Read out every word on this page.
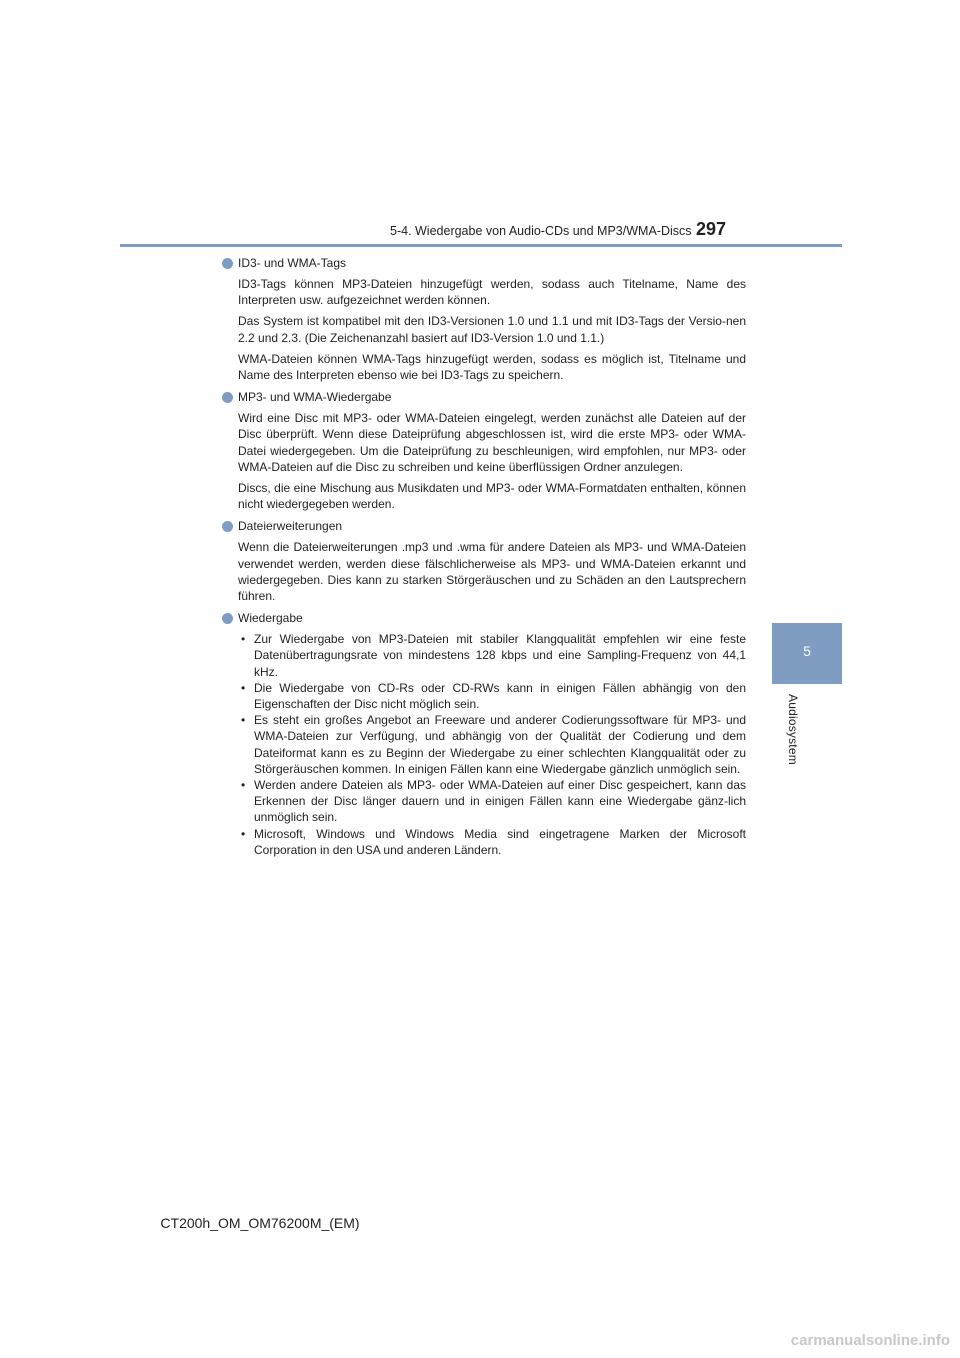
5-4. Wiedergabe von Audio-CDs und MP3/WMA-Discs 297
5
Audiosystem
ID3- und WMA-Tags

ID3-Tags können MP3-Dateien hinzugefügt werden, sodass auch Titelname, Name des Interpreten usw. aufgezeichnet werden können.

Das System ist kompatibel mit den ID3-Versionen 1.0 und 1.1 und mit ID3-Tags der Versio-nen 2.2 und 2.3. (Die Zeichenanzahl basiert auf ID3-Version 1.0 und 1.1.)

WMA-Dateien können WMA-Tags hinzugefügt werden, sodass es möglich ist, Titelname und Name des Interpreten ebenso wie bei ID3-Tags zu speichern.

MP3- und WMA-Wiedergabe

Wird eine Disc mit MP3- oder WMA-Dateien eingelegt, werden zunächst alle Dateien auf der Disc überprüft. Wenn diese Dateiprüfung abgeschlossen ist, wird die erste MP3- oder WMA-Datei wiedergegeben. Um die Dateiprüfung zu beschleunigen, wird empfohlen, nur MP3- oder WMA-Dateien auf die Disc zu schreiben und keine überflüssigen Ordner anzulegen.

Discs, die eine Mischung aus Musikdaten und MP3- oder WMA-Formatdaten enthalten, können nicht wiedergegeben werden.

Dateierweiterungen

Wenn die Dateierweiterungen .mp3 und .wma für andere Dateien als MP3- und WMA-Dateien verwendet werden, werden diese fälschlicherweise als MP3- und WMA-Dateien erkannt und wiedergegeben. Dies kann zu starken Störgeräuschen und zu Schäden an den Lautsprechern führen.

Wiedergabe
• Zur Wiedergabe von MP3-Dateien mit stabiler Klangqualität empfehlen wir eine feste Datenübertragungsrate von mindestens 128 kbps und eine Sampling-Frequenz von 44,1 kHz.
• Die Wiedergabe von CD-Rs oder CD-RWs kann in einigen Fällen abhängig von den Eigenschaften der Disc nicht möglich sein.
• Es steht ein großes Angebot an Freeware und anderer Codierungssoftware für MP3- und WMA-Dateien zur Verfügung, und abhängig von der Qualität der Codierung und dem Dateiformat kann es zu Beginn der Wiedergabe zu einer schlechten Klangqualität oder zu Störgeräuschen kommen. In einigen Fällen kann eine Wiedergabe gänzlich unmöglich sein.
• Werden andere Dateien als MP3- oder WMA-Dateien auf einer Disc gespeichert, kann das Erkennen der Disc länger dauern und in einigen Fällen kann eine Wiedergabe gänz-lich unmöglich sein.
• Microsoft, Windows und Windows Media sind eingetragene Marken der Microsoft Corporation in den USA und anderen Ländern.
CT200h_OM_OM76200M_(EM)
carmanualsonline.info
